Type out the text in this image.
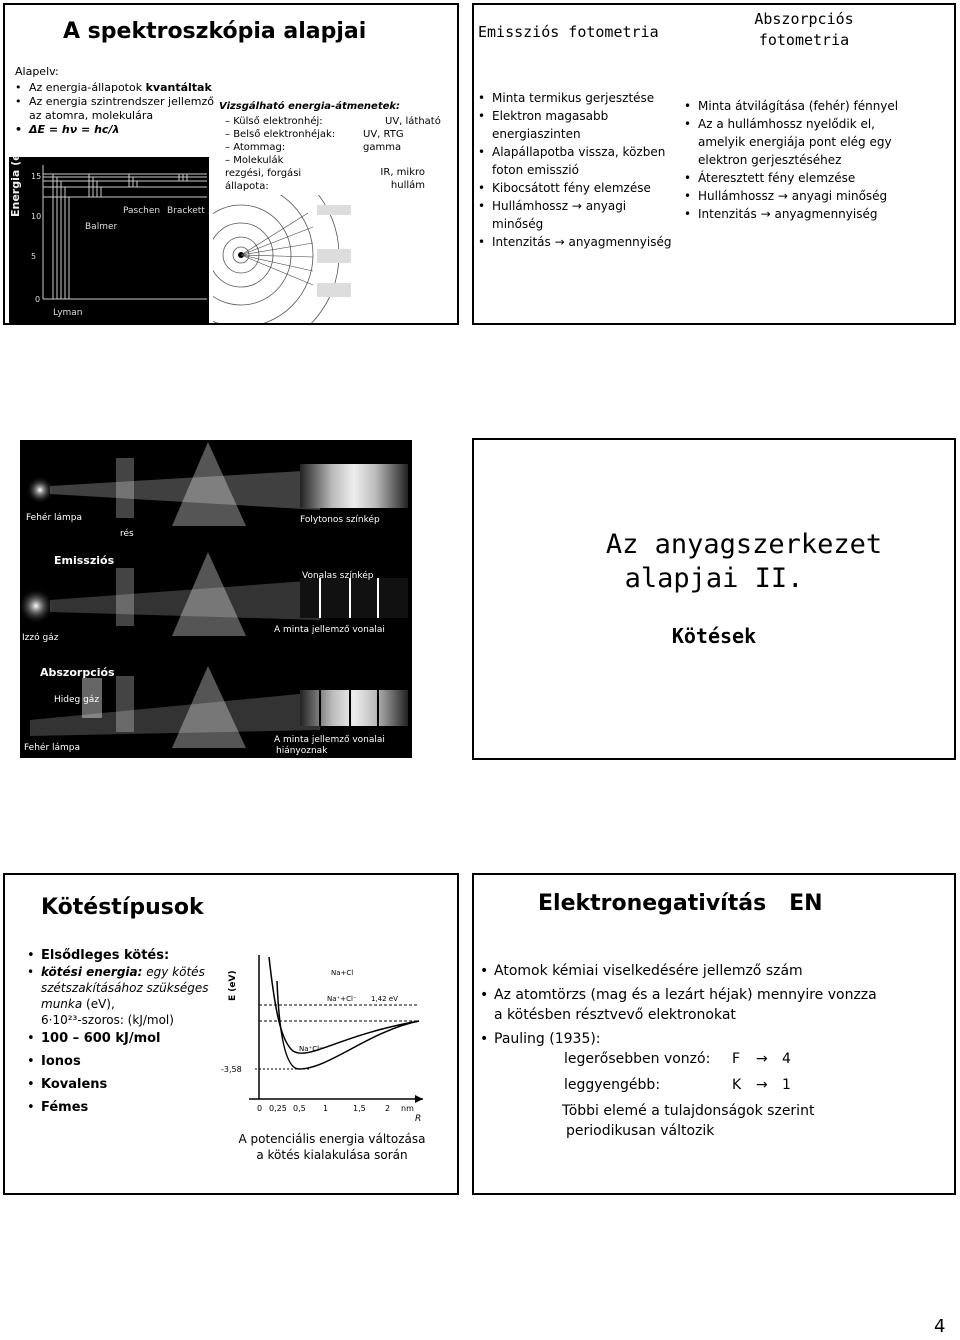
A spektroszkópia alapjai
Alapelv:
• Az energia-állapotok kvantáltak
• Az energia szintrendszer jellemző az atomra, molekulára
• ΔE = hν = hc/λ
Energia (eV) 15
10
5
0
Lyman
Balmer
Paschen Brackett
Vizsgálható energia-átmenetek:
– Külső elektronhéj:	UV, látható
– Belső elektronhéjak:	UV, RTG
– Atommag:	gamma
– Molekulák rezgési, forgási állapota:
IR, mikro hullám
Emissziós fotometria
Abszorpciós fotometria
• Minta termikus gerjesztése
• Elektron magasabb energiaszinten
• Alapállapotba vissza, közben foton emisszió
• Kibocsátott fény elemzése
• Hullámhossz → anyagi minőség
• Intenzitás → anyagmennyiség
• Minta átvilágítása (fehér) fénnyel
• Az a hullámhossz nyelődik el, amelyik energiája pont elég egy elektron gerjesztéséhez
• Áteresztett fény elemzése
• Hullámhossz → anyagi minőség
• Intenzitás → anyagmennyiség
Fehér lámpa
rés
Folytonos színkép
Emissziós
Vonalas színkép
Izzó gáz
A minta jellemző vonalai
Abszorpciós
Hideg gáz
Fehér lámpa
A minta jellemző vonalai
hiányoznak
Az anyagszerkezet
alapjai II.
Kötések
Kötéstípusok
• Elsődleges kötés:
• kötési energia: egy kötés szétszakításához szükséges munka (eV),
6·10²³-szoros: (kJ/mol)
• 100 – 600 kJ/mol
• Ionos
• Kovalens
• Fémes
E (eV)
-3,58
Na+Cl
Na⁺+Cl⁻ 1,42 eV
Na⁺Cl⁻
0 0,25 0,5 1	1,5 2 nm
R
A potenciális energia változása
a kötés kialakulása során
Elektronegativítás   EN
• Atomok kémiai viselkedésére jellemző szám
• Az atomtörzs (mag és a lezárt héjak) mennyire vonzza a kötésben résztvevő elektronokat
• Pauling (1935):
legerősebben vonzó: F → 4
leggyengébb:	K → 1
Többi elemé a tulajdonságok szerint
periodikusan változik
4
